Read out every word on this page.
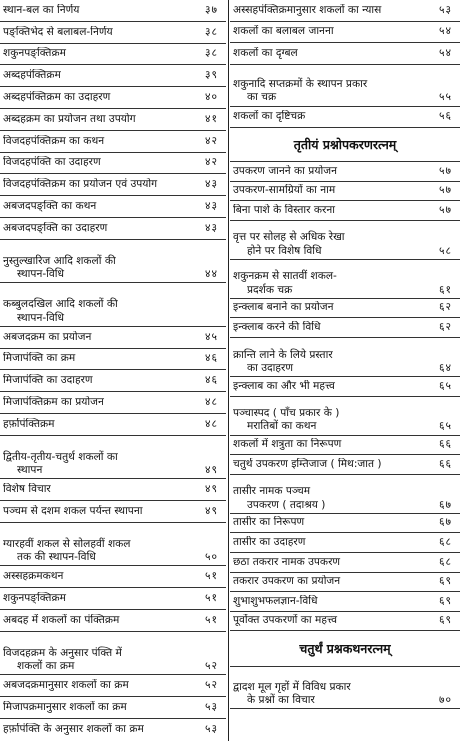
स्थान-बल का निर्णय	३७
पङ्क्तिभेद से बलाबल-निर्णय	३८
शकुनपङ्क्तिक्रम	३८
अब्दहपंक्तिक्रम	३९
अब्दहपंक्तिक्रम का उदाहरण	४०
अब्दहक्रम का प्रयोजन तथा उपयोग	४१
विजदहपंक्तिक्रम का कथन	४२
विजदहपंक्ति का उदाहरण	४२
विजदहपंक्तिक्रम का प्रयोजन एवं उपयोग	४३
अबजदपङ्क्ति का कथन	४३
अबजदपङ्क्ति का उदाहरण	४३
नुस्तुल्खारिज आदि शकलों की
स्थापन-विधि	४४
कब्बुलदखिल आदि शकलों की
स्थापन-विधि
अबजदक्रम का प्रयोजन	४५
मिजापंक्ति का क्रम	४६
मिजापंक्ति का उदाहरण	४६
मिजापंक्तिक्रम का प्रयोजन	४८
हर्फ़ापंक्तिक्रम	४८
द्वितीय-तृतीय-चतुर्थ शकलों का
स्थापन	४९
विशेष विचार	४९
पञ्चम से दशम शकल पर्यन्त स्थापना	४९
ग्यारहवीं शकल से सोलहवीं शकल
तक की स्थापन-विधि	५०
अस्सहक्रमकथन	५१
शकुनपङ्क्तिक्रम	५१
अबदह में शकलों का पंक्तिक्रम	५१
विजदहक्रम के अनुसार पंक्ति में
शकलों का क्रम	५२
अबजदक्रमानुसार शकलों का क्रम	५२
मिजापक्रमानुसार शकलों का क्रम	५३
हर्फ़ापंक्ति के अनुसार शकलों का क्रम	५३
अस्सहपंक्तिक्रमानुसार शकलों का न्यास	५३
शकलों का बलाबल जानना	५४
शकलों का दृग्बल	५४
शकुनादि सप्तक्रमों के स्थापन प्रकार
का चक्र	५५
शकलों का दृष्टिचक्र	५६
तृतीयं प्रश्नोपकरणरत्नम्
उपकरण जानने का प्रयोजन	५७
उपकरण-सामग्रियों का नाम	५७
बिना पाशे के विस्तार करना	५७
वृत्त पर सोलह से अधिक रेखा
होने पर विशेष विधि	५८
शकुनक्रम से सातवीं शकल-
प्रदर्शक चक्र	६१
इन्क्लाब बनाने का प्रयोजन	६२
इन्क्लाब करने की विधि	६२
क्रान्ति लाने के लिये प्रस्तार
का उदाहरण	६४
इन्क्लाब का और भी महत्त्व	६५
पञ्चास्पद ( पाँच प्रकार के )
मरातिबों का कथन	६५
शकलों में शत्रुता का निरूपण	६६
चतुर्थ उपकरण इम्तिजाज ( मिथ:जात )	६६
तासीर नामक पञ्चम
उपकरण ( तदाश्रय )	६७
तासीर का निरूपण	६७
तासीर का उदाहरण	६८
छठा तकरार नामक उपकरण	६८
तकरार उपकरण का प्रयोजन	६९
शुभाशुभफलज्ञान-विधि	६९
पूर्वोक्त उपकरणों का महत्त्व	६९
चतुर्थं प्रश्नकथनरत्नम्
द्वादश मूल गृहों में विविध प्रकार
के प्रश्नों का विचार	७०
